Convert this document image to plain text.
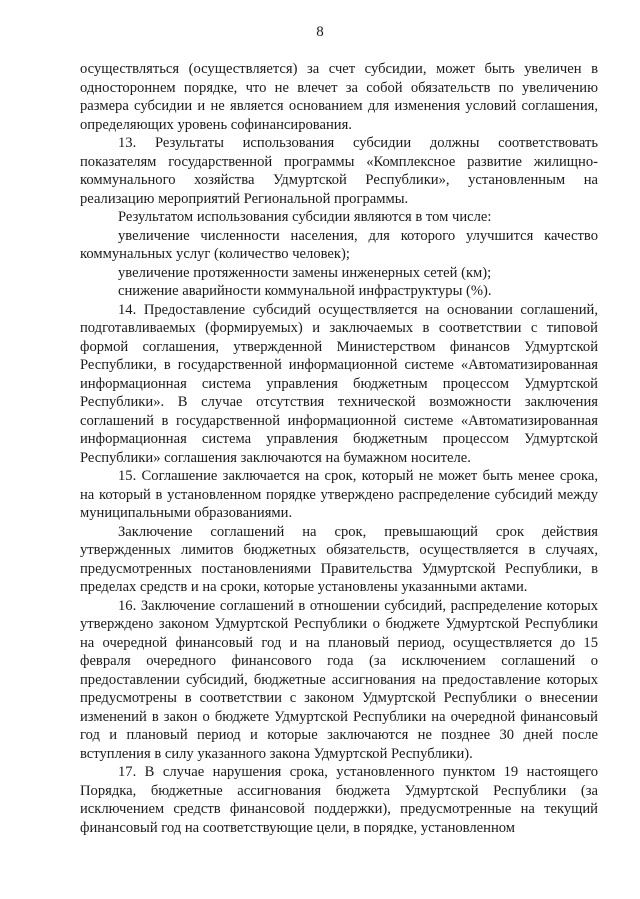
8

осуществляться (осуществляется) за счет субсидии, может быть увеличен в одностороннем порядке, что не влечет за собой обязательств по увеличению размера субсидии и не является основанием для изменения условий соглашения, определяющих уровень софинансирования.

13. Результаты использования субсидии должны соответствовать показателям государственной программы «Комплексное развитие жилищно-коммунального хозяйства Удмуртской Республики», установленным на реализацию мероприятий Региональной программы.

Результатом использования субсидии являются в том числе:

увеличение численности населения, для которого улучшится качество коммунальных услуг (количество человек);

увеличение протяженности замены инженерных сетей (км);

снижение аварийности коммунальной инфраструктуры (%).

14. Предоставление субсидий осуществляется на основании соглашений, подготавливаемых (формируемых) и заключаемых в соответствии с типовой формой соглашения, утвержденной Министерством финансов Удмуртской Республики, в государственной информационной системе «Автоматизированная информационная система управления бюджетным процессом Удмуртской Республики». В случае отсутствия технической возможности заключения соглашений в государственной информационной системе «Автоматизированная информационная система управления бюджетным процессом Удмуртской Республики» соглашения заключаются на бумажном носителе.

15. Соглашение заключается на срок, который не может быть менее срока, на который в установленном порядке утверждено распределение субсидий между муниципальными образованиями.

Заключение соглашений на срок, превышающий срок действия утвержденных лимитов бюджетных обязательств, осуществляется в случаях, предусмотренных постановлениями Правительства Удмуртской Республики, в пределах средств и на сроки, которые установлены указанными актами.

16. Заключение соглашений в отношении субсидий, распределение которых утверждено законом Удмуртской Республики о бюджете Удмуртской Республики на очередной финансовый год и на плановый период, осуществляется до 15 февраля очередного финансового года (за исключением соглашений о предоставлении субсидий, бюджетные ассигнования на предоставление которых предусмотрены в соответствии с законом Удмуртской Республики о внесении изменений в закон о бюджете Удмуртской Республики на очередной финансовый год и плановый период и которые заключаются не позднее 30 дней после вступления в силу указанного закона Удмуртской Республики).

17. В случае нарушения срока, установленного пунктом 19 настоящего Порядка, бюджетные ассигнования бюджета Удмуртской Республики (за исключением средств финансовой поддержки), предусмотренные на текущий финансовый год на соответствующие цели, в порядке, установленном
